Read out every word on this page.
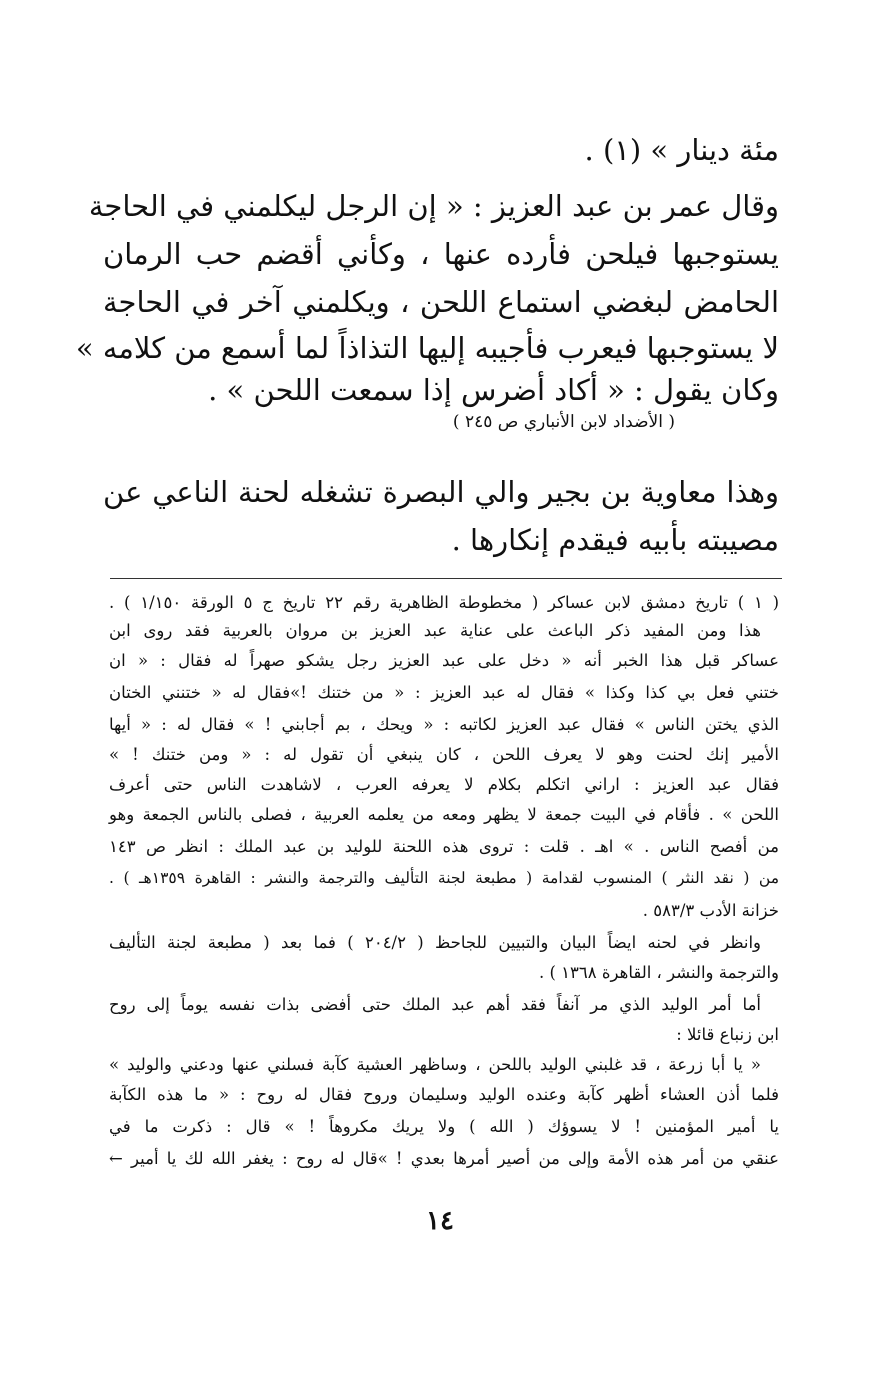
مئة دينار » (١) .
وقال عمر بن عبد العزيز : « إن الرجل ليكلمني في الحاجة
يستوجبها فيلحن فأرده عنها ، وكأني أقضم حب الرمان
الحامض لبغضي استماع اللحن ، ويكلمني آخر في الحاجة
لا يستوجبها فيعرب فأجيبه إليها التذاذاً لما أسمع من كلامه »
وكان يقول : « أكاد أضرس إذا سمعت اللحن » .
( الأضداد لابن الأنباري ص ٢٤٥ )
وهذا معاوية بن بجير والي البصرة تشغله لحنة الناعي عن
مصيبته بأبيه فيقدم إنكارها .
( ١ ) تاريخ دمشق لابن عساكر ( مخطوطة الظاهرية رقم ٢٢ تاريخ ج ٥ الورقة ١/١٥٠ ) .
هذا ومن المفيد ذكر الباعث على عناية عبد العزيز بن مروان بالعربية فقد روى ابن
عساكر قبل هذا الخبر أنه « دخل على عبد العزيز رجل يشكو صهراً له فقال : « ان
ختني فعل بي كذا وكذا » فقال له عبد العزيز : « من ختنك !»فقال له « ختنني الختان
الذي يختن الناس » فقال عبد العزيز لكاتبه : « ويحك ، بم أجابني ! » فقال له : « أيها
الأمير إنك لحنت وهو لا يعرف اللحن ، كان ينبغي أن تقول له : « ومن ختنك ! »
فقال عبد العزيز : اراني اتكلم بكلام لا يعرفه العرب ، لاشاهدت الناس حتى أعرف
اللحن » . فأقام في البيت جمعة لا يظهر ومعه من يعلمه العربية ، فصلى بالناس الجمعة وهو
من أفصح الناس . » اهـ . قلت : تروى هذه اللحنة للوليد بن عبد الملك : انظر ص ١٤٣
من ( نقد النثر ) المنسوب لقدامة ( مطبعة لجنة التأليف والترجمة والنشر : القاهرة ١٣٥٩هـ ) .
خزانة الأدب ٥٨٣/٣ .
وانظر في لحنه ايضاً البيان والتبيين للجاحظ ( ٢٠٤/٢ ) فما بعد ( مطبعة لجنة التأليف
والترجمة والنشر ، القاهرة ١٣٦٨ ) .
أما أمر الوليد الذي مر آنفاً فقد أهم عبد الملك حتى أفضى بذات نفسه يوماً إلى روح
ابن زنباع قائلا :
« يا أبا زرعة ، قد غلبني الوليد باللحن ، وساظهر العشية كآبة فسلني عنها ودعني والوليد »
فلما أذن العشاء أظهر كآبة وعنده الوليد وسليمان وروح فقال له روح : « ما هذه الكآبة
يا أمير المؤمنين ! لا يسوؤك ( الله ) ولا يريك مكروهاً ! » قال : ذكرت ما في
عنقي من أمر هذه الأمة وإلى من أصير أمرها بعدي ! »قال له روح : يغفر الله لك يا أمير ←
١٤
